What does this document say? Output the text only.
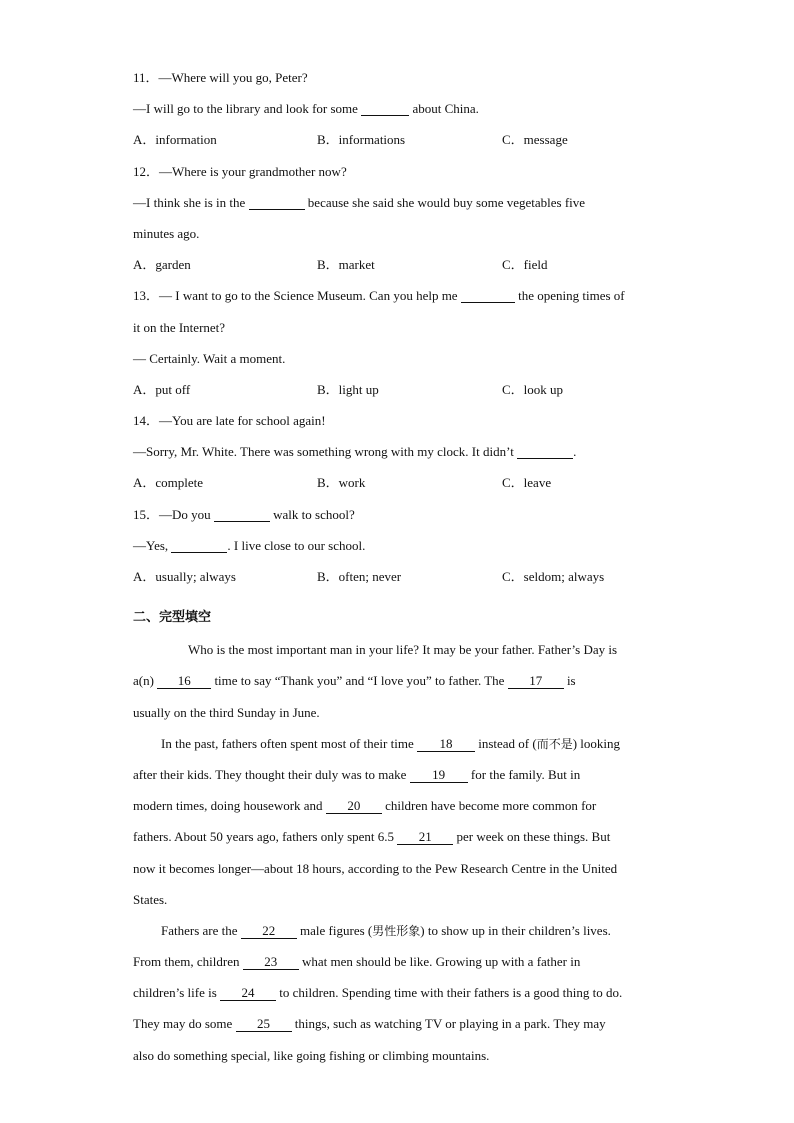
11．—Where will you go, Peter?
—I will go to the library and look for some	about China.
A．information	B．informations	C．message
12．—Where is your grandmother now?
—I think she is in the	because she said she would buy some vegetables five
minutes ago.
A．garden	B．market	C．field
13．— I want to go to the Science Museum. Can you help me	the opening times of
it on the Internet?
— Certainly. Wait a moment.
A．put off	B．light up	C．look up
14．—You are late for school again!
—Sorry, Mr. White. There was something wrong with my clock. It didn’t	.
A．complete	B．work	C．leave
15．—Do you	walk to school?
—Yes,	. I live close to our school.
A．usually; always	B．often; never	C．seldom; always
二、完型填空
Who is the most important man in your life? It may be your father. Father’s Day is
a(n) 16 time to say “Thank you” and “I love you” to father. The 17 is
usually on the third Sunday in June.
In the past, fathers often spent most of their time 18 instead of (而不是) looking
after their kids. They thought their duly was to make 19 for the family. But in
modern times, doing housework and 20 children have become more common for
fathers. About 50 years ago, fathers only spent 6.5 21 per week on these things. But
now it becomes longer—about 18 hours, according to the Pew Research Centre in the United
States.
Fathers are the 22 male figures (男性形象) to show up in their children’s lives.
From them, children 23 what men should be like. Growing up with a father in
children’s life is 24 to children. Spending time with their fathers is a good thing to do.
They may do some 25 things, such as watching TV or playing in a park. They may
also do something special, like going fishing or climbing mountains.
